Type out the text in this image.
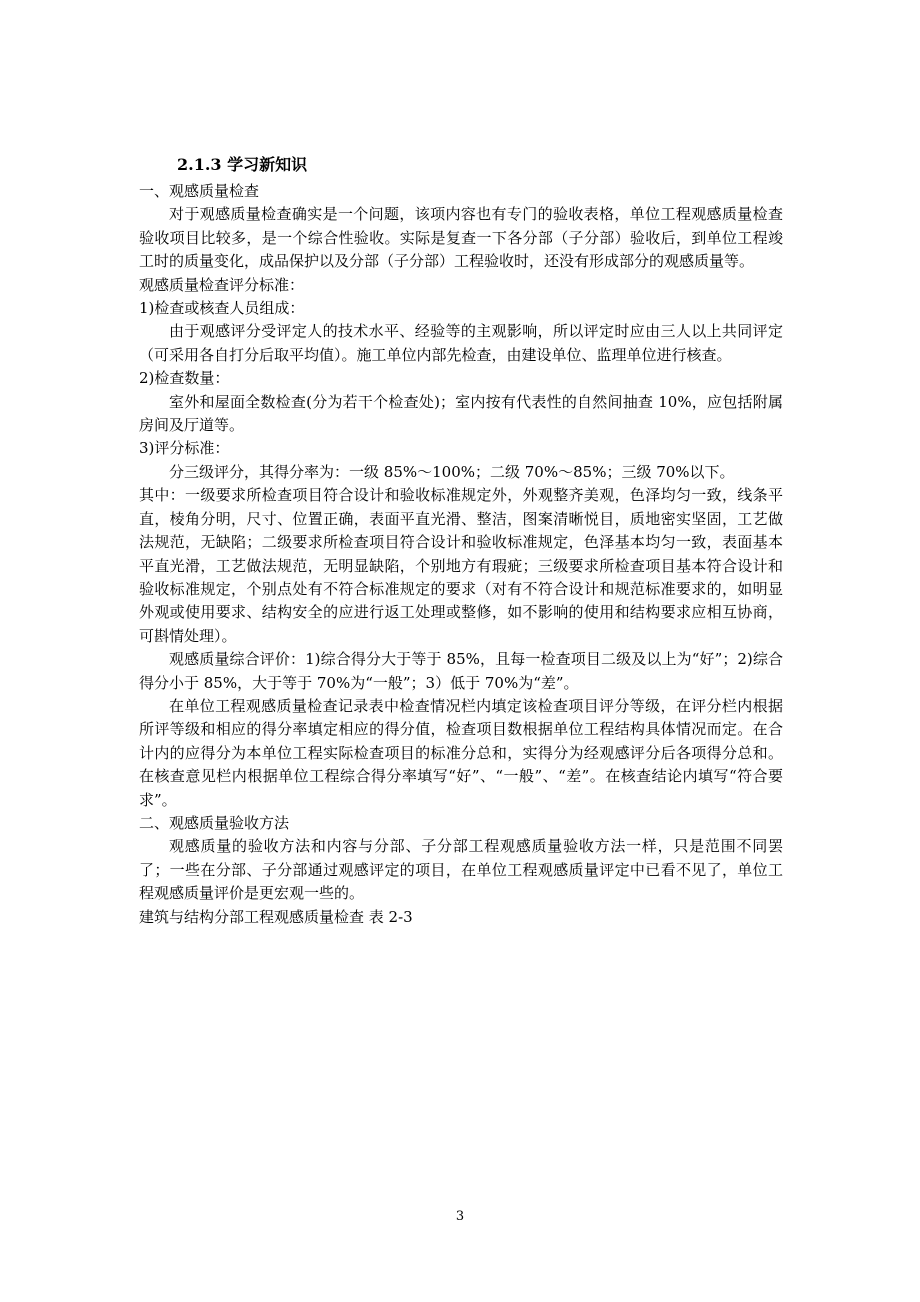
2.1.3 学习新知识

一、观感质量检查

对于观感质量检查确实是一个问题，该项内容也有专门的验收表格，单位工程观感质量检查验收项目比较多，是一个综合性验收。实际是复查一下各分部（子分部）验收后，到单位工程竣工时的质量变化，成品保护以及分部（子分部）工程验收时，还没有形成部分的观感质量等。

观感质量检查评分标准：

1)检查或核查人员组成：

由于观感评分受评定人的技术水平、经验等的主观影响，所以评定时应由三人以上共同评定（可采用各自打分后取平均值）。施工单位内部先检查，由建设单位、监理单位进行核查。

2)检查数量：

室外和屋面全数检查(分为若干个检查处)；室内按有代表性的自然间抽查 10%，应包括附属房间及厅道等。

3)评分标准：

分三级评分，其得分率为：一级 85%～100%；二级 70%～85%；三级 70%以下。

其中：一级要求所检查项目符合设计和验收标准规定外，外观整齐美观，色泽均匀一致，线条平直，棱角分明，尺寸、位置正确，表面平直光滑、整洁，图案清晰悦目，质地密实坚固，工艺做法规范，无缺陷；二级要求所检查项目符合设计和验收标准规定，色泽基本均匀一致，表面基本平直光滑，工艺做法规范，无明显缺陷，个别地方有瑕疵；三级要求所检查项目基本符合设计和验收标准规定，个别点处有不符合标准规定的要求（对有不符合设计和规范标准要求的，如明显外观或使用要求、结构安全的应进行返工处理或整修，如不影响的使用和结构要求应相互协商，可斟情处理）。

观感质量综合评价：1)综合得分大于等于 85%，且每一检查项目二级及以上为“好”；2)综合得分小于 85%，大于等于 70%为“一般”；3）低于 70%为“差”。

在单位工程观感质量检查记录表中检查情况栏内填定该检查项目评分等级，在评分栏内根据所评等级和相应的得分率填定相应的得分值，检查项目数根据单位工程结构具体情况而定。在合计内的应得分为本单位工程实际检查项目的标准分总和，实得分为经观感评分后各项得分总和。在核查意见栏内根据单位工程综合得分率填写“好”、“一般”、“差”。在核查结论内填写“符合要求”。

二、观感质量验收方法

观感质量的验收方法和内容与分部、子分部工程观感质量验收方法一样，只是范围不同罢了；一些在分部、子分部通过观感评定的项目，在单位工程观感质量评定中已看不见了，单位工程观感质量评价是更宏观一些的。

建筑与结构分部工程观感质量检查 表 2-3

3
